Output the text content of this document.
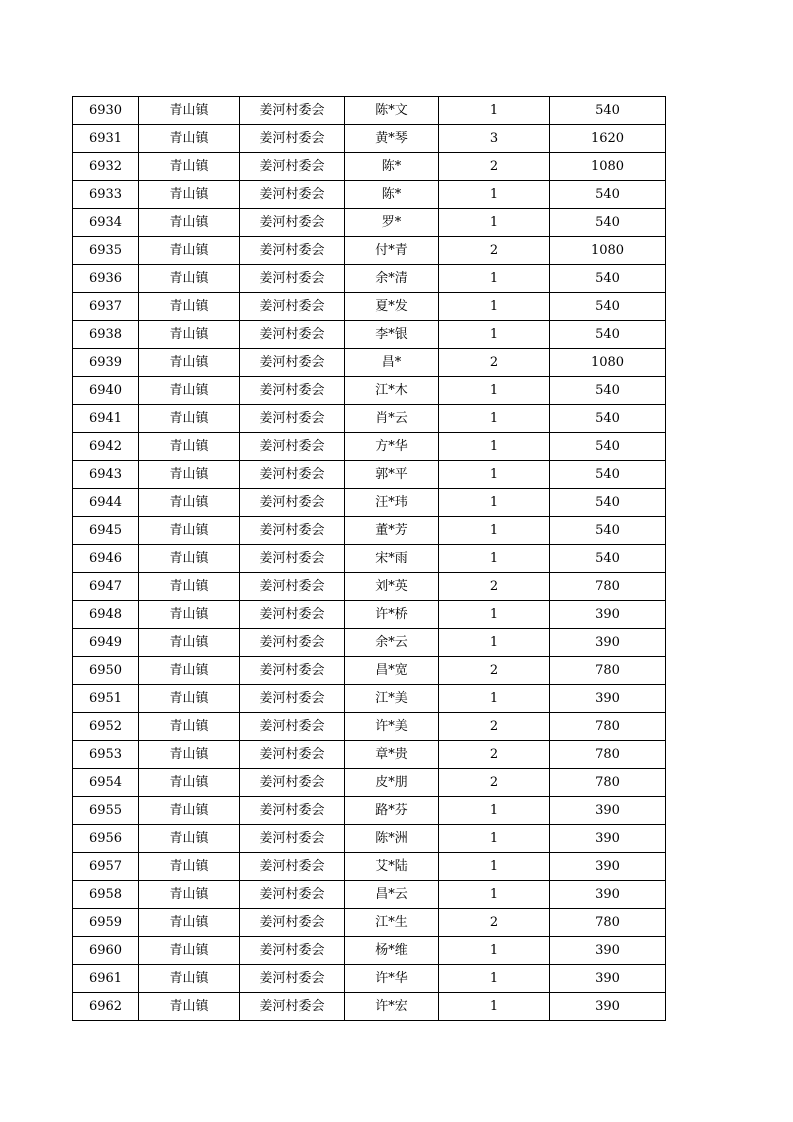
6930	青山镇	姜河村委会	陈*文	1	540
6931	青山镇	姜河村委会	黄*琴	3	1620
6932	青山镇	姜河村委会	陈*	2	1080
6933	青山镇	姜河村委会	陈*	1	540
6934	青山镇	姜河村委会	罗*	1	540
6935	青山镇	姜河村委会	付*青	2	1080
6936	青山镇	姜河村委会	余*清	1	540
6937	青山镇	姜河村委会	夏*发	1	540
6938	青山镇	姜河村委会	李*银	1	540
6939	青山镇	姜河村委会	昌*	2	1080
6940	青山镇	姜河村委会	江*木	1	540
6941	青山镇	姜河村委会	肖*云	1	540
6942	青山镇	姜河村委会	方*华	1	540
6943	青山镇	姜河村委会	郭*平	1	540
6944	青山镇	姜河村委会	汪*玮	1	540
6945	青山镇	姜河村委会	董*芳	1	540
6946	青山镇	姜河村委会	宋*雨	1	540
6947	青山镇	姜河村委会	刘*英	2	780
6948	青山镇	姜河村委会	许*桥	1	390
6949	青山镇	姜河村委会	余*云	1	390
6950	青山镇	姜河村委会	昌*宽	2	780
6951	青山镇	姜河村委会	江*美	1	390
6952	青山镇	姜河村委会	许*美	2	780
6953	青山镇	姜河村委会	章*贵	2	780
6954	青山镇	姜河村委会	皮*朋	2	780
6955	青山镇	姜河村委会	路*芬	1	390
6956	青山镇	姜河村委会	陈*洲	1	390
6957	青山镇	姜河村委会	艾*陆	1	390
6958	青山镇	姜河村委会	昌*云	1	390
6959	青山镇	姜河村委会	江*生	2	780
6960	青山镇	姜河村委会	杨*维	1	390
6961	青山镇	姜河村委会	许*华	1	390
6962	青山镇	姜河村委会	许*宏	1	390
